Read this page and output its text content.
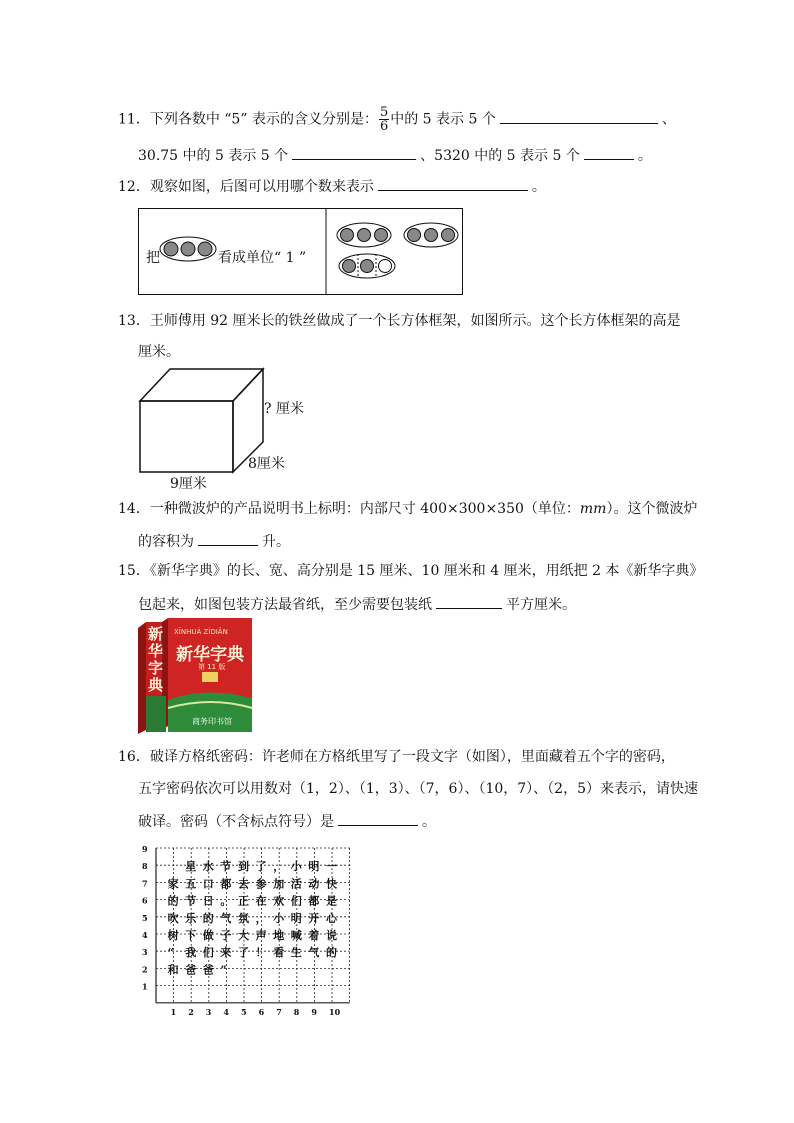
11．下列各数中 “5” 表示的含义分别是： $\frac{5}{6}$ 中的 5 表示 5 个	、
30.75 中的 5 表示 5 个	、5320 中的 5 表示 5 个	。
12．观察如图，后图可以用哪个数来表示	。
把	看成单位“ 1 ”
13．王师傅用 92 厘米长的铁丝做成了一个长方体框架，如图所示。这个长方体框架的高是
厘米。
? 厘米
8厘米
9厘米
14．一种微波炉的产品说明书上标明：内部尺寸 400×300×350（单位：mm）。这个微波炉
的容积为	升。
15．《新华字典》的长、宽、高分别是 15 厘米、10 厘米和 4 厘米，用纸把 2 本《新华字典》
包起来，如图包装方法最省纸，至少需要包装纸	平方厘米。
XĪNHUÁ ZÌDIǍN
新华字典
第 11 版
商务印书馆
新华字典
16．破译方格纸密码：许老师在方格纸里写了一段文字（如图），里面藏着五个字的密码，
五字密码依次可以用数对（1，2）、（1，3）、（7，6）、（10，7）、（2，5）来表示，请快速
破译。密码（不含标点符号）是	。
9
8
7
6
5
4
3
2
1
1 2 3 4 5 6 7 8 9 10
星 水 节 到 了 ， 小 明 一
家 五 口 都 去 参 加 活 动 快
的 节 日 。 正 在 欢 们 都 是
吹 乐 的 气 氛 ， 小 明 开 心
树 下 做 子 大 声 地 喊 着 说
“ 我 们 来 了 ！ 看 生 气 的
和 爸 爸 ”
